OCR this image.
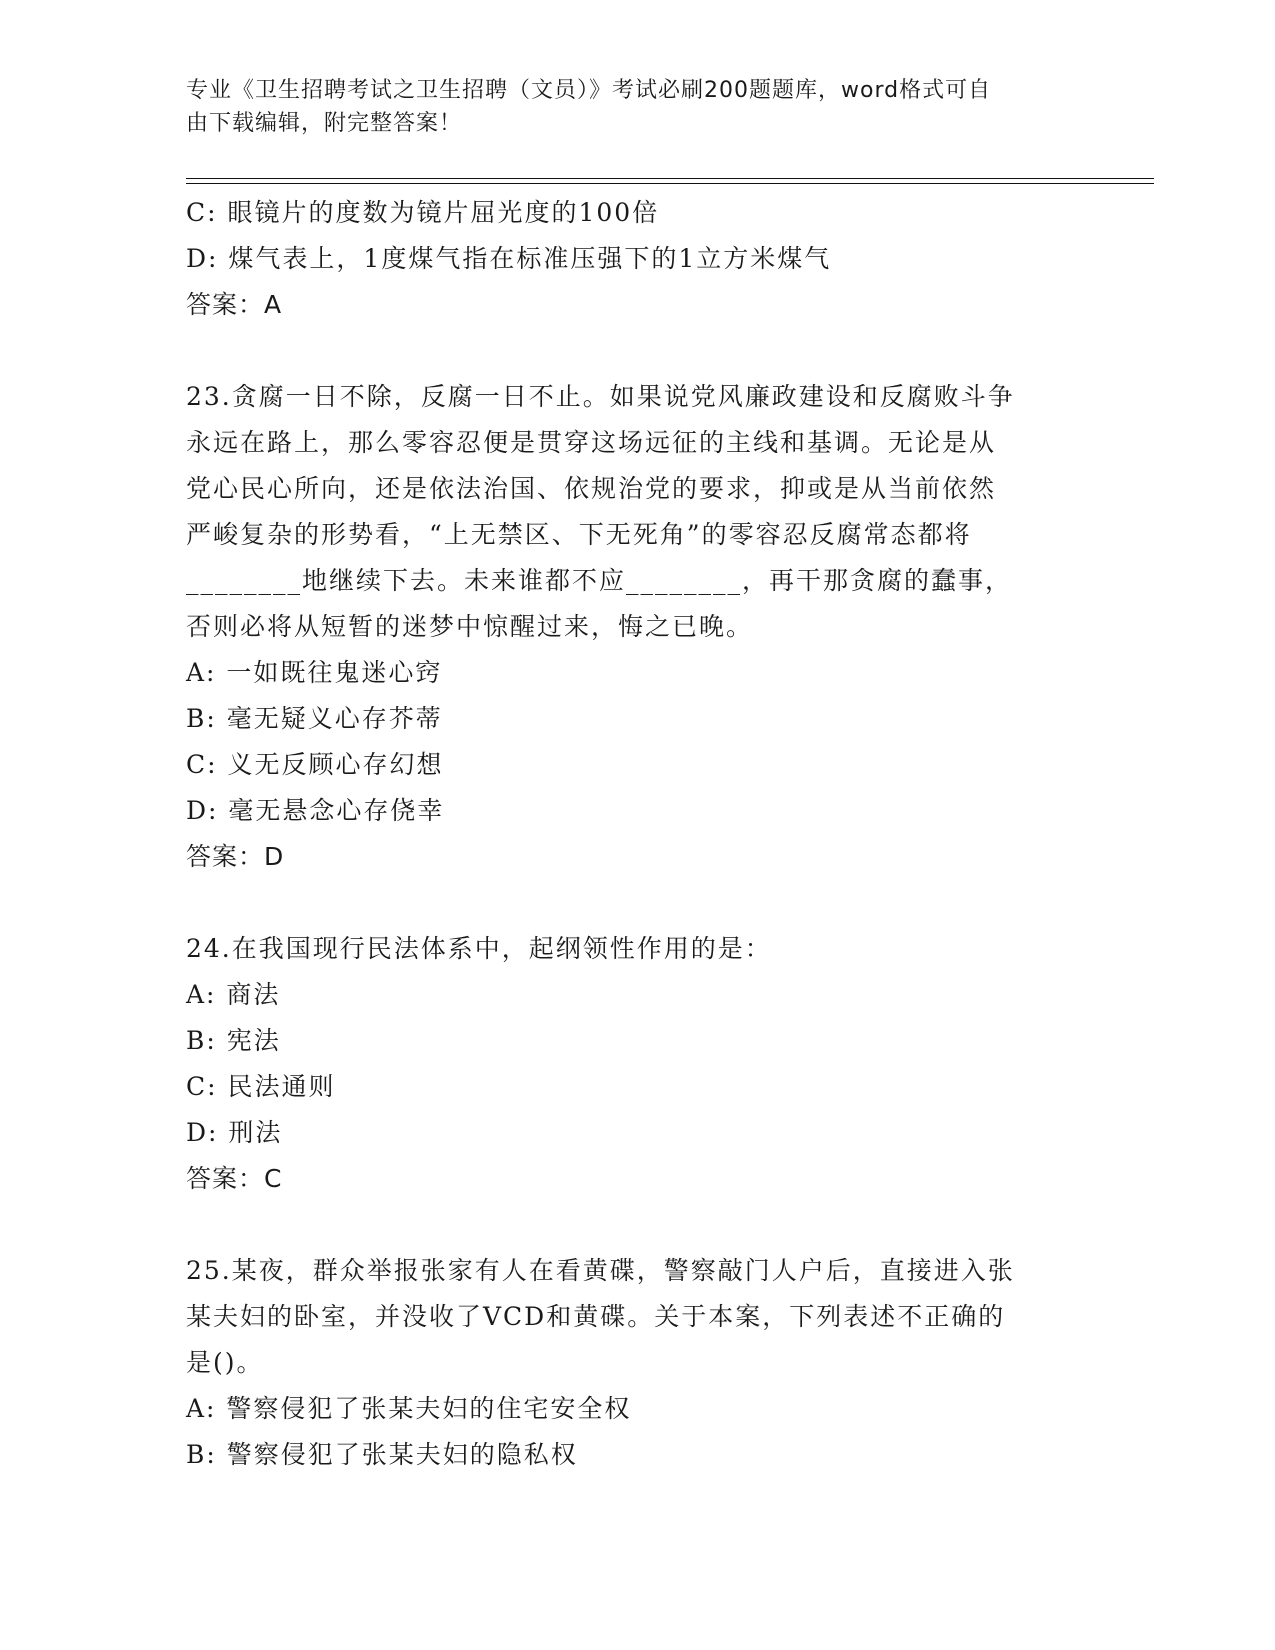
专业《卫生招聘考试之卫生招聘（文员）》考试必刷200题题库，word格式可自
由下载编辑，附完整答案！
C: 眼镜片的度数为镜片屈光度的100倍
D: 煤气表上，1度煤气指在标准压强下的1立方米煤气
答案：A
23.贪腐一日不除，反腐一日不止。如果说党风廉政建设和反腐败斗争
永远在路上，那么零容忍便是贯穿这场远征的主线和基调。无论是从
党心民心所向，还是依法治国、依规治党的要求，抑或是从当前依然
严峻复杂的形势看，“上无禁区、下无死角”的零容忍反腐常态都将
________地继续下去。未来谁都不应________，再干那贪腐的蠢事，
否则必将从短暂的迷梦中惊醒过来，悔之已晚。
A: 一如既往鬼迷心窍
B: 毫无疑义心存芥蒂
C: 义无反顾心存幻想
D: 毫无悬念心存侥幸
答案：D
24.在我国现行民法体系中，起纲领性作用的是：
A: 商法
B: 宪法
C: 民法通则
D: 刑法
答案：C
25.某夜，群众举报张家有人在看黄碟，警察敲门人户后，直接进入张
某夫妇的卧室，并没收了VCD和黄碟。关于本案，下列表述不正确的
是()。
A: 警察侵犯了张某夫妇的住宅安全权
B: 警察侵犯了张某夫妇的隐私权
